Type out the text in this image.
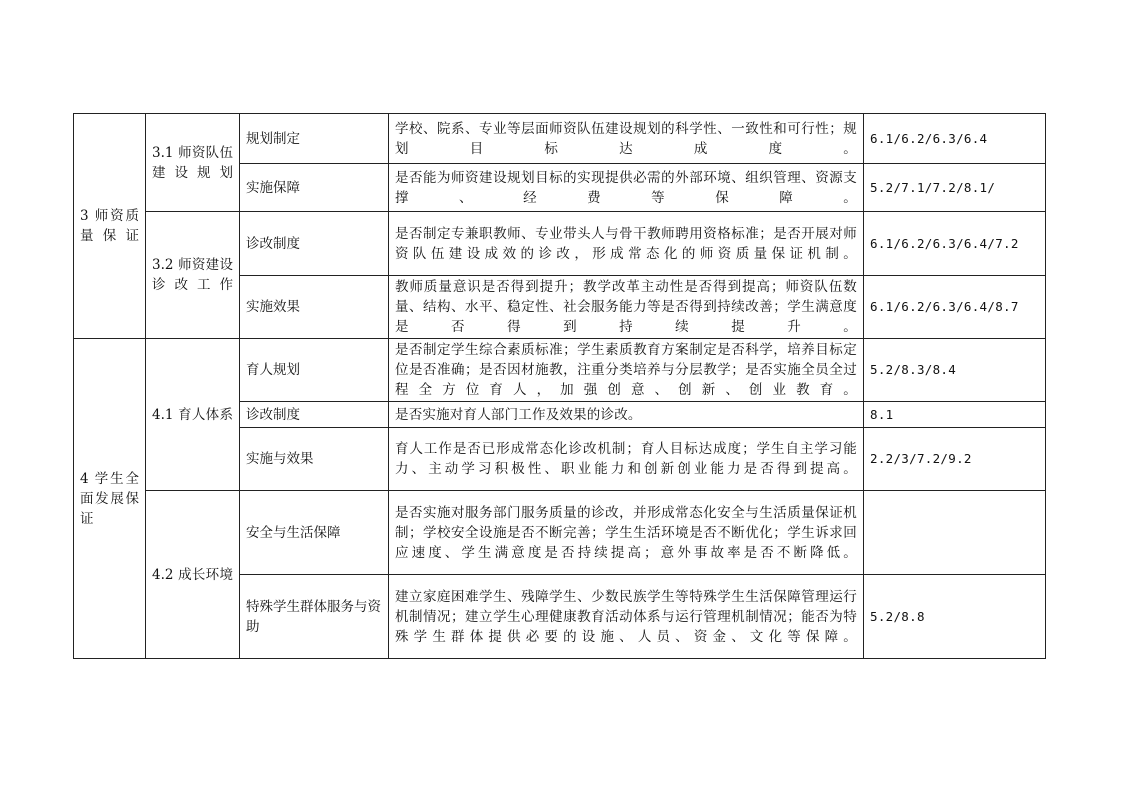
3 师资质量保证	3.1 师资队伍建设规划	规划制定	学校、院系、专业等层面师资队伍建设规划的科学性、一致性和可行性；规划目标达成度。	6.1/6.2/6.3/6.4
		实施保障	是否能为师资建设规划目标的实现提供必需的外部环境、组织管理、资源支撑、经费等保障。	5.2/7.1/7.2/8.1/

	3.2 师资建设诊改工作	诊改制度	是否制定专兼职教师、专业带头人与骨干教师聘用资格标准；是否开展对师资队伍建设成效的诊改，形成常态化的师资质量保证机制。	6.1/6.2/6.3/6.4/7.2
		实施效果	教师质量意识是否得到提升；教学改革主动性是否得到提高；师资队伍数量、结构、水平、稳定性、社会服务能力等是否得到持续改善；学生满意度是否得到持续提升。	6.1/6.2/6.3/6.4/8.7

4 学生全面发展保证	4.1 育人体系	育人规划	是否制定学生综合素质标准；学生素质教育方案制定是否科学，培养目标定位是否准确；是否因材施教，注重分类培养与分层教学；是否实施全员全过程全方位育人，加强创意、创新、创业教育。	5.2/8.3/8.4
		诊改制度	是否实施对育人部门工作及效果的诊改。	8.1
		实施与效果	育人工作是否已形成常态化诊改机制；育人目标达成度；学生自主学习能力、主动学习积极性、职业能力和创新创业能力是否得到提高。	2.2/3/7.2/9.2

	4.2 成长环境	安全与生活保障	是否实施对服务部门服务质量的诊改，并形成常态化安全与生活质量保证机制；学校安全设施是否不断完善；学生生活环境是否不断优化；学生诉求回应速度、学生满意度是否持续提高；意外事故率是否不断降低。	

		特殊学生群体服务与资助	建立家庭困难学生、残障学生、少数民族学生等特殊学生生活保障管理运行机制情况；建立学生心理健康教育活动体系与运行管理机制情况；能否为特殊学生群体提供必要的设施、人员、资金、文化等保障。	5.2/8.8
